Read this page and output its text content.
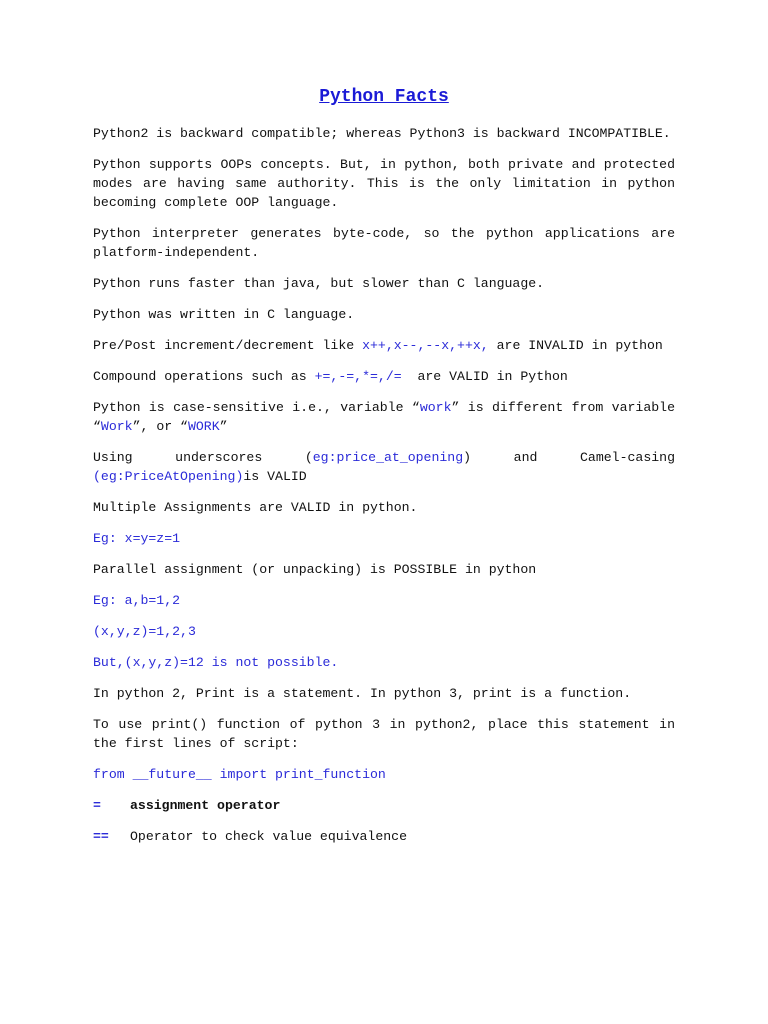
Python Facts
Python2 is backward compatible; whereas Python3 is backward INCOMPATIBLE.
Python supports OOPs concepts. But, in python, both private and protected modes are having same authority. This is the only limitation in python becoming complete OOP language.
Python interpreter generates byte-code, so the python applications are platform-independent.
Python runs faster than java, but slower than C language.
Python was written in C language.
Pre/Post increment/decrement like x++,x--,--x,++x, are INVALID in python
Compound operations such as +=,-=,*=,/=  are VALID in Python
Python is case-sensitive i.e., variable “work” is different from variable “Work”, or “WORK”
Using underscores (eg:price_at_opening) and Camel-casing (eg:PriceAtOpening)is VALID
Multiple Assignments are VALID in python.
Eg: x=y=z=1
Parallel assignment (or unpacking) is POSSIBLE in python
Eg: a,b=1,2
(x,y,z)=1,2,3
But,(x,y,z)=12 is not possible.
In python 2, Print is a statement. In python 3, print is a function.
To use print() function of python 3 in python2, place this statement in the first lines of script:
from __future__ import print_function
=	assignment operator
==	Operator to check value equivalence
